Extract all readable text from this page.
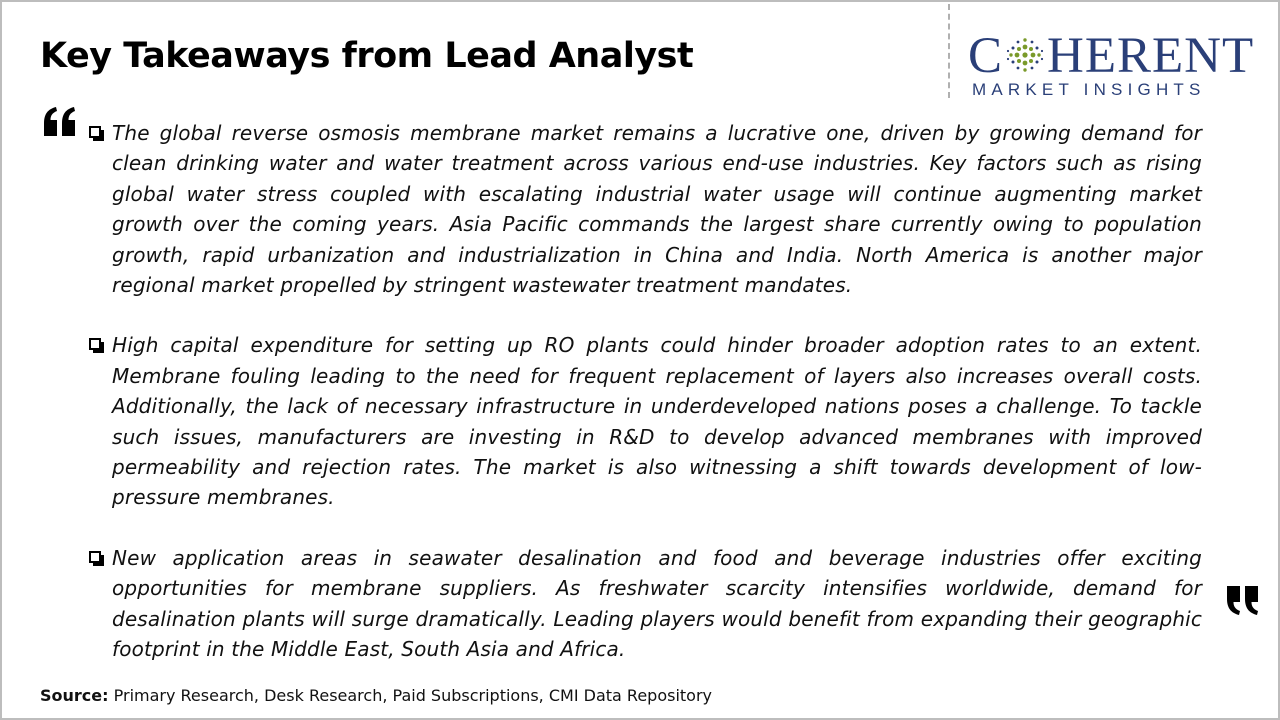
Key Takeaways from Lead Analyst	C HERENT
MARKET INSIGHTS

The global reverse osmosis membrane market remains a lucrative one, driven by growing demand for clean drinking water and water treatment across various end-use industries. Key factors such as rising global water stress coupled with escalating industrial water usage will continue augmenting market growth over the coming years. Asia Pacific commands the largest share currently owing to population growth, rapid urbanization and industrialization in China and India. North America is another major regional market propelled by stringent wastewater treatment mandates.

High capital expenditure for setting up RO plants could hinder broader adoption rates to an extent. Membrane fouling leading to the need for frequent replacement of layers also increases overall costs. Additionally, the lack of necessary infrastructure in underdeveloped nations poses a challenge. To tackle such issues, manufacturers are investing in R&D to develop advanced membranes with improved permeability and rejection rates. The market is also witnessing a shift towards development of low-pressure membranes.

New application areas in seawater desalination and food and beverage industries offer exciting opportunities for membrane suppliers. As freshwater scarcity intensifies worldwide, demand for desalination plants will surge dramatically. Leading players would benefit from expanding their geographic footprint in the Middle East, South Asia and Africa.

Source: Primary Research, Desk Research, Paid Subscriptions, CMI Data Repository
